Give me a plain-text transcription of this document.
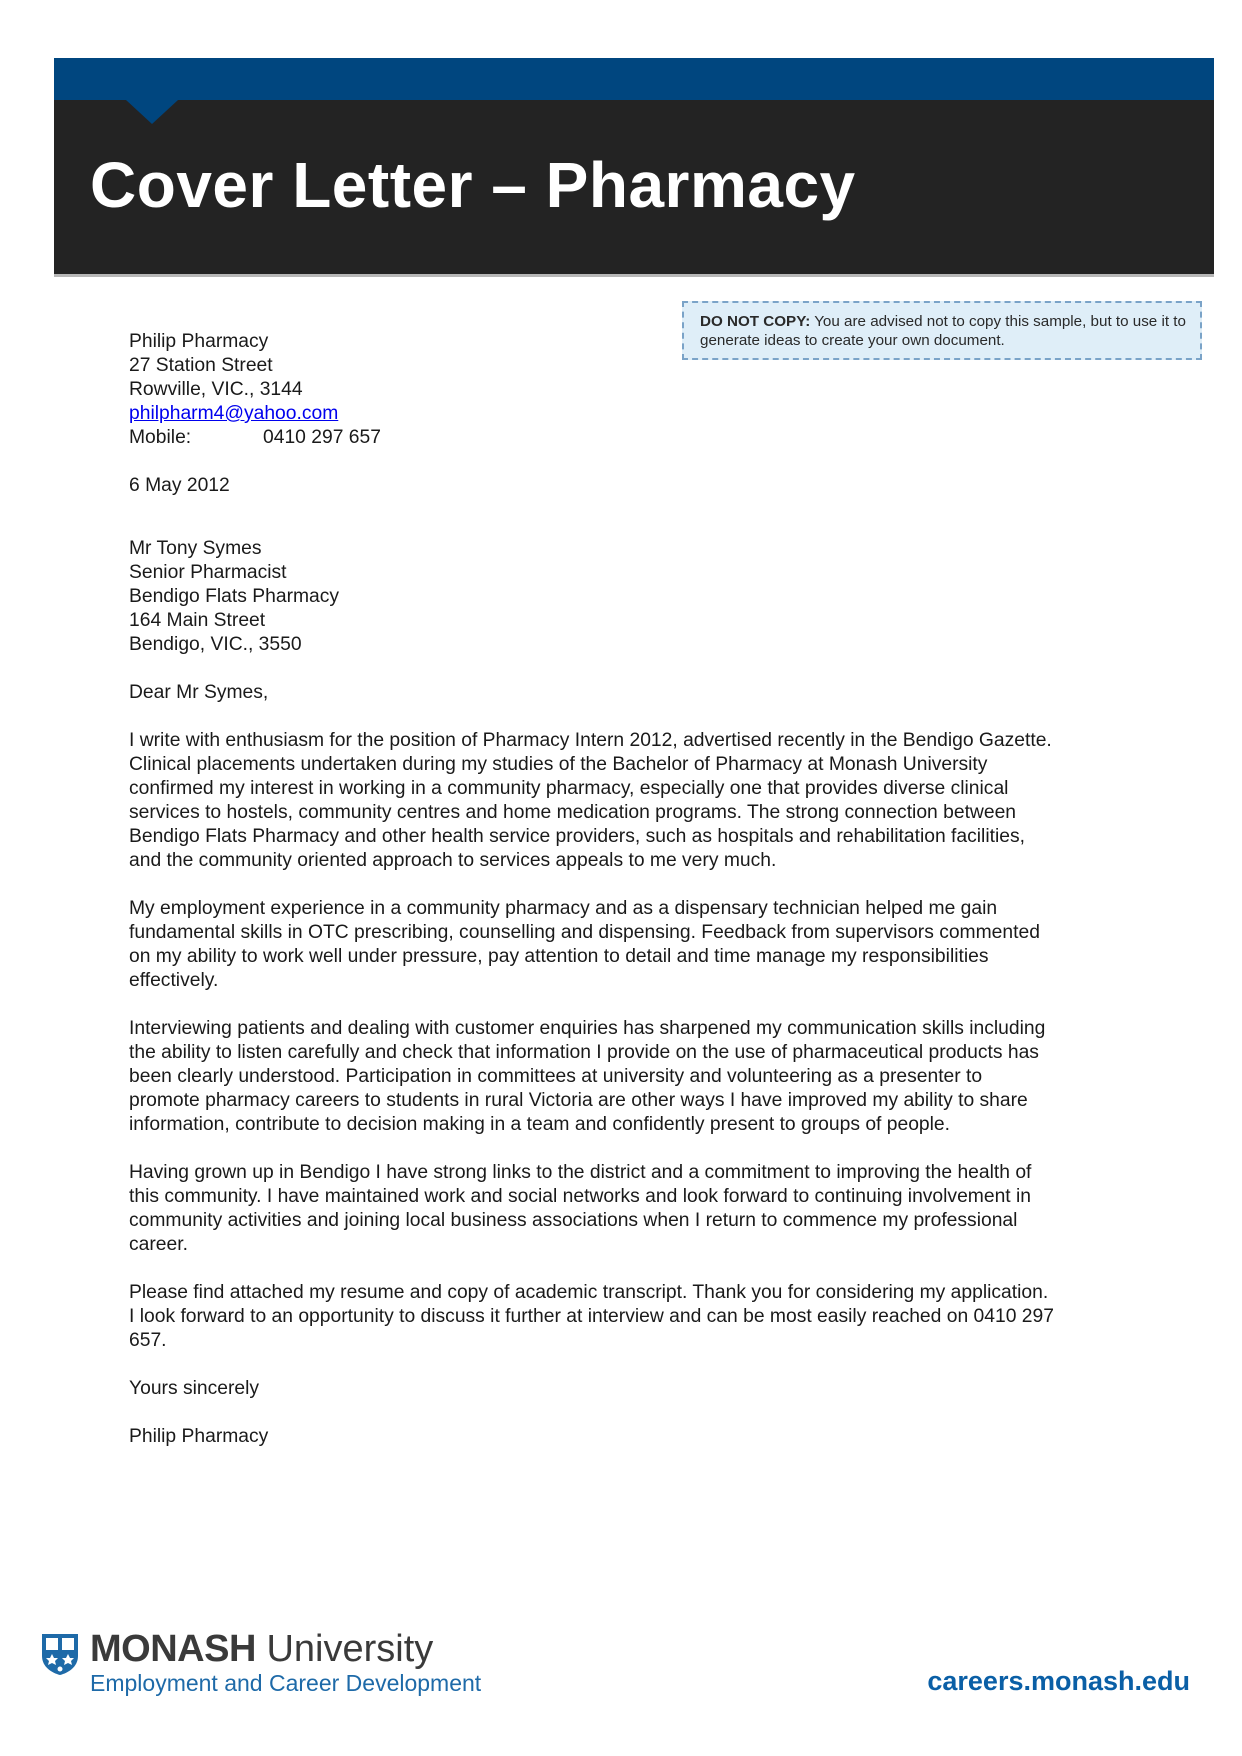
Cover Letter – Pharmacy
DO NOT COPY: You are advised not to copy this sample, but to use it to generate ideas to create your own document.
Philip Pharmacy
27 Station Street
Rowville, VIC., 3144
philpharm4@yahoo.com
Mobile:	0410 297 657
6 May 2012
Mr Tony Symes
Senior Pharmacist
Bendigo Flats Pharmacy
164 Main Street
Bendigo, VIC., 3550

Dear Mr Symes,

I write with enthusiasm for the position of Pharmacy Intern 2012, advertised recently in the Bendigo Gazette.
Clinical placements undertaken during my studies of the Bachelor of Pharmacy at Monash University
confirmed my interest in working in a community pharmacy, especially one that provides diverse clinical
services to hostels, community centres and home medication programs. The strong connection between
Bendigo Flats Pharmacy and other health service providers, such as hospitals and rehabilitation facilities,
and the community oriented approach to services appeals to me very much.

My employment experience in a community pharmacy and as a dispensary technician helped me gain
fundamental skills in OTC prescribing, counselling and dispensing. Feedback from supervisors commented
on my ability to work well under pressure, pay attention to detail and time manage my responsibilities
effectively.

Interviewing patients and dealing with customer enquiries has sharpened my communication skills including
the ability to listen carefully and check that information I provide on the use of pharmaceutical products has
been clearly understood. Participation in committees at university and volunteering as a presenter to
promote pharmacy careers to students in rural Victoria are other ways I have improved my ability to share
information, contribute to decision making in a team and confidently present to groups of people.

Having grown up in Bendigo I have strong links to the district and a commitment to improving the health of
this community. I have maintained work and social networks and look forward to continuing involvement in
community activities and joining local business associations when I return to commence my professional
career.

Please find attached my resume and copy of academic transcript. Thank you for considering my application.
I look forward to an opportunity to discuss it further at interview and can be most easily reached on 0410 297
657.

Yours sincerely

Philip Pharmacy

MONASH University
Employment and Career Development	careers.monash.edu
